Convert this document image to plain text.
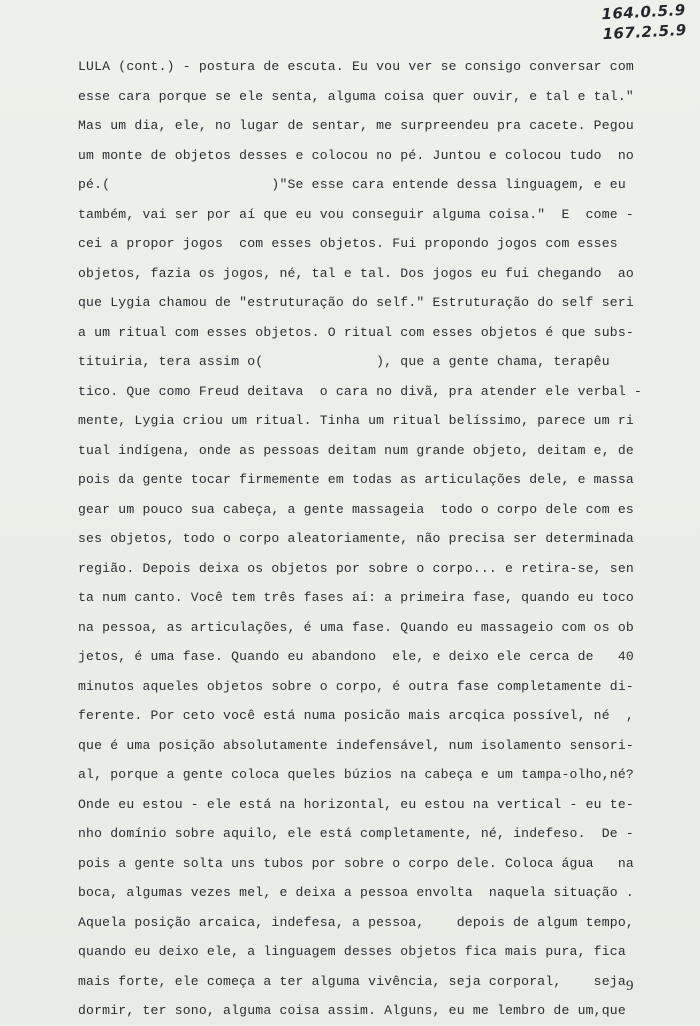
164.0.5.9
167.2.5.9
LULA (cont.) - postura de escuta. Eu vou ver se consigo conversar com
esse cara porque se ele senta, alguma coisa quer ouvir, e tal e tal."
Mas um dia, ele, no lugar de sentar, me surpreendeu pra cacete. Pegou
um monte de objetos desses e colocou no pé. Juntou e colocou tudo  no
pé.(                    )"Se esse cara entende dessa linguagem, e eu
também, vai ser por aí que eu vou conseguir alguma coisa."  E  come -
cei a propor jogos  com esses objetos. Fui propondo jogos com esses
objetos, fazia os jogos, né, tal e tal. Dos jogos eu fui chegando  ao
que Lygia chamou de "estruturação do self." Estruturação do self seri
a um ritual com esses objetos. O ritual com esses objetos é que subs-
tituiria, tera assim o(              ), que a gente chama, terapêu
tico. Que como Freud deitava  o cara no divã, pra atender ele verbal -
mente, Lygia criou um ritual. Tinha um ritual belíssimo, parece um ri
tual indígena, onde as pessoas deitam num grande objeto, deitam e, de
pois da gente tocar firmemente em todas as articulações dele, e massa
gear um pouco sua cabeça, a gente massageia  todo o corpo dele com es
ses objetos, todo o corpo aleatoriamente, não precisa ser determinada
região. Depois deixa os objetos por sobre o corpo... e retira-se, sen
ta num canto. Você tem três fases aí: a primeira fase, quando eu toco
na pessoa, as articulações, é uma fase. Quando eu massageio com os ob
jetos, é uma fase. Quando eu abandono  ele, e deixo ele cerca de   40
minutos aqueles objetos sobre o corpo, é outra fase completamente di-
ferente. Por ceto você está numa posicão mais arcqica possível, né  ,
que é uma posição absolutamente indefensável, num isolamento sensori-
al, porque a gente coloca queles búzios na cabeça e um tampa-olho,né?
Onde eu estou - ele está na horizontal, eu estou na vertical - eu te-
nho domínio sobre aquilo, ele está completamente, né, indefeso.  De -
pois a gente solta uns tubos por sobre o corpo dele. Coloca água   na
boca, algumas vezes mel, e deixa a pessoa envolta  naquela situação .
Aquela posição arcaica, indefesa, a pessoa,    depois de algum tempo,
quando eu deixo ele, a linguagem desses objetos fica mais pura, fica
mais forte, ele começa a ter alguma vivência, seja corporal,    seja
dormir, ter sono, alguma coisa assim. Alguns, eu me lembro de um,que
9
